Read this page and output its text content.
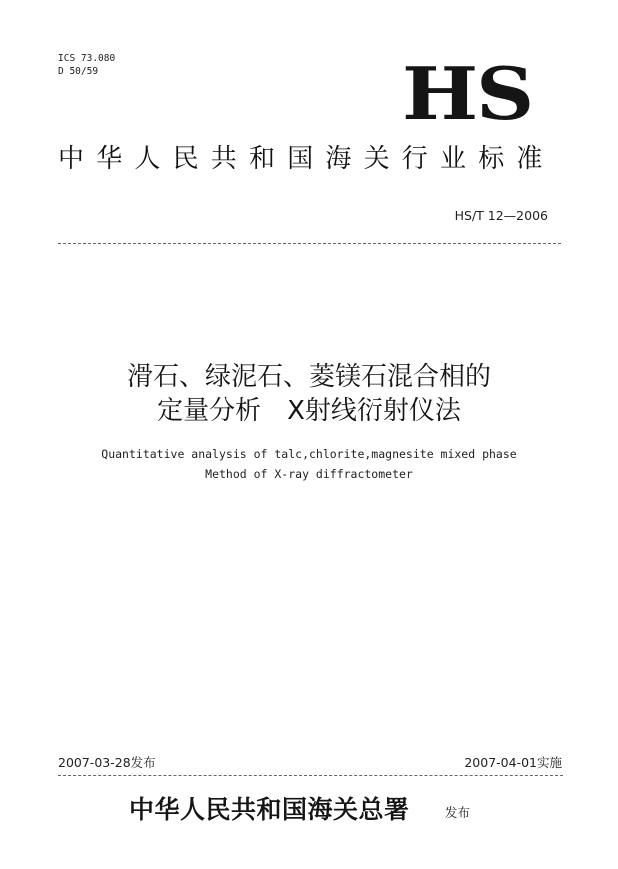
ICS 73.080
D 50/59	HS
中华人民共和国海关行业标准
HS/T 12—2006
滑石、绿泥石、菱镁石混合相的
定量分析　X射线衍射仪法
Quantitative analysis of talc,chlorite,magnesite mixed phase
Method of X-ray diffractometer
2007-03-28发布	2007-04-01实施
中华人民共和国海关总署	发布
